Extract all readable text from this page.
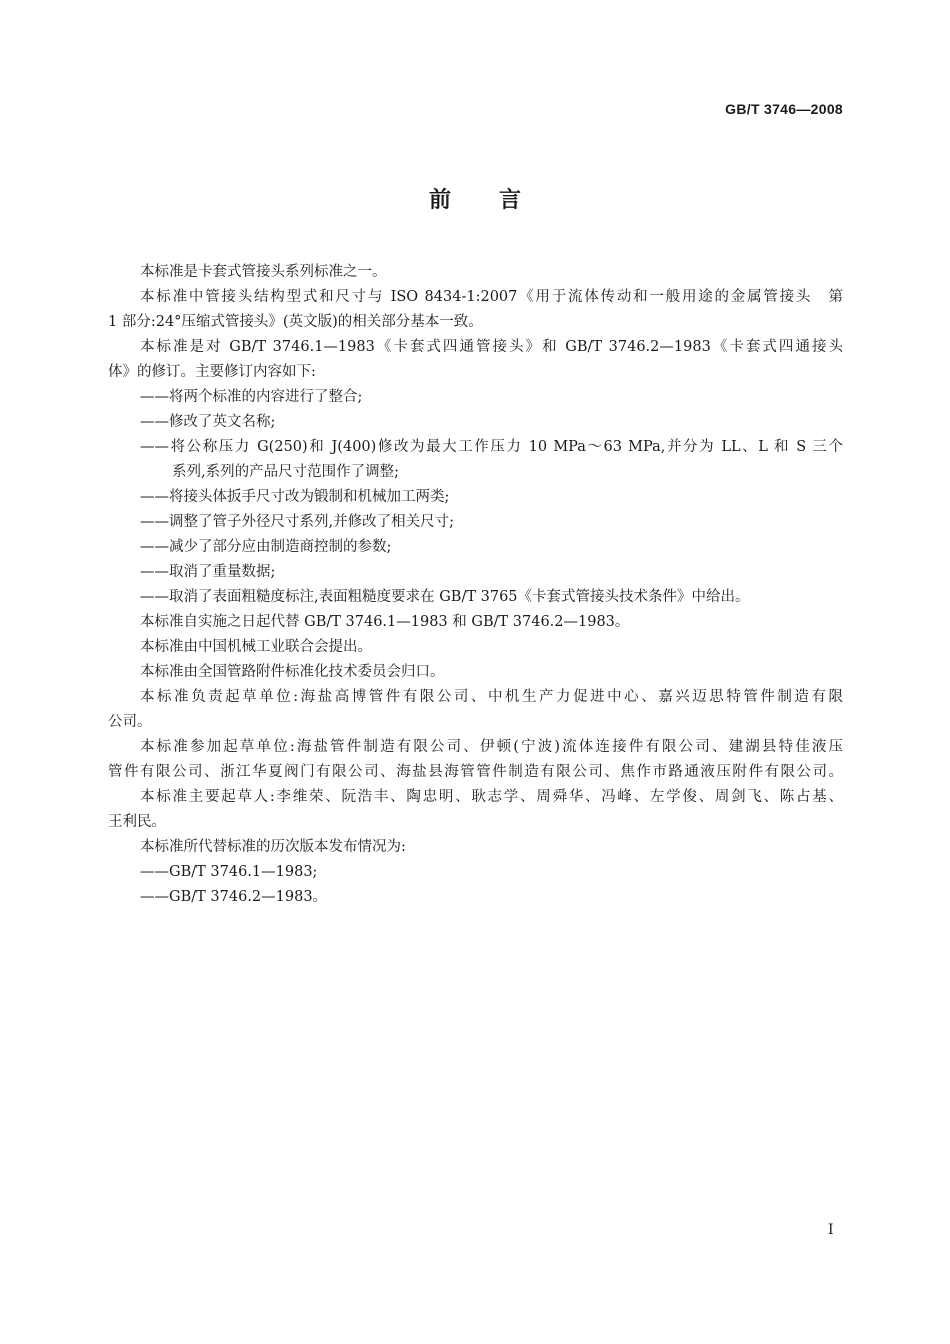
GB/T 3746—2008
前言
本标准是卡套式管接头系列标准之一。
本标准中管接头结构型式和尺寸与 ISO 8434-1:2007《用于流体传动和一般用途的金属管接头　第
1 部分:24°压缩式管接头》(英文版)的相关部分基本一致。
本标准是对 GB/T 3746.1—1983《卡套式四通管接头》和 GB/T 3746.2—1983《卡套式四通接头
体》的修订。主要修订内容如下:
——将两个标准的内容进行了整合;
——修改了英文名称;
——将公称压力 G(250)和 J(400)修改为最大工作压力 10 MPa～63 MPa,并分为 LL、L 和 S 三个
系列,系列的产品尺寸范围作了调整;
——将接头体扳手尺寸改为锻制和机械加工两类;
——调整了管子外径尺寸系列,并修改了相关尺寸;
——减少了部分应由制造商控制的参数;
——取消了重量数据;
——取消了表面粗糙度标注,表面粗糙度要求在 GB/T 3765《卡套式管接头技术条件》中给出。
本标准自实施之日起代替 GB/T 3746.1—1983 和 GB/T 3746.2—1983。
本标准由中国机械工业联合会提出。
本标准由全国管路附件标准化技术委员会归口。
本标准负责起草单位:海盐高博管件有限公司、中机生产力促进中心、嘉兴迈思特管件制造有限
公司。
本标准参加起草单位:海盐管件制造有限公司、伊顿(宁波)流体连接件有限公司、建湖县特佳液压
管件有限公司、浙江华夏阀门有限公司、海盐县海管管件制造有限公司、焦作市路通液压附件有限公司。
本标准主要起草人:李维荣、阮浩丰、陶忠明、耿志学、周舜华、冯峰、左学俊、周剑飞、陈占基、
王利民。
本标准所代替标准的历次版本发布情况为:
——GB/T 3746.1—1983;
——GB/T 3746.2—1983。
I
